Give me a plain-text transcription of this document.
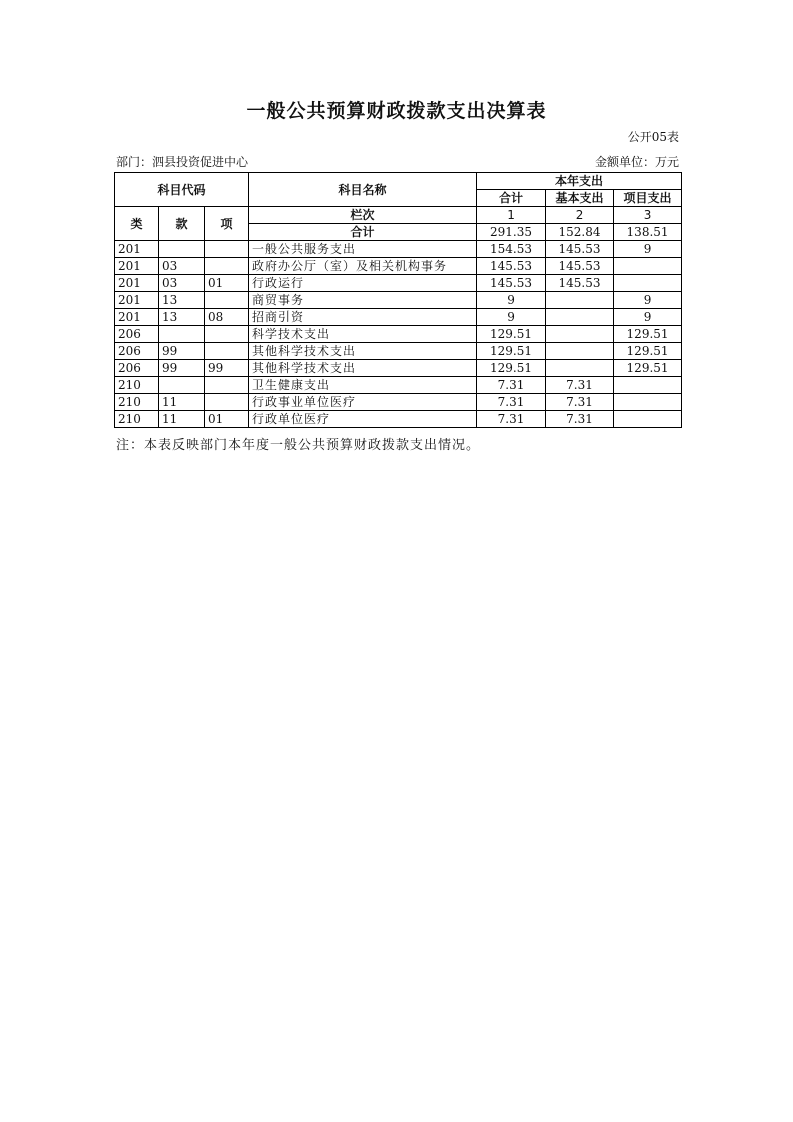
一般公共预算财政拨款支出决算表
公开05表
部门：泗县投资促进中心	金额单位：万元
科目代码			科目名称	本年支出		
				合计	基本支出	项目支出
类	款	项	栏次	1	2	3
			合计	291.35	152.84	138.51
201			一般公共服务支出	154.53	145.53	9
201	03		政府办公厅（室）及相关机构事务	145.53	145.53	
201	03	01	行政运行	145.53	145.53	
201	13		商贸事务	9		9
201	13	08	招商引资	9		9
206			科学技术支出	129.51		129.51
206	99		其他科学技术支出	129.51		129.51
206	99	99	其他科学技术支出	129.51		129.51
210			卫生健康支出	7.31	7.31	
210	11		行政事业单位医疗	7.31	7.31	
210	11	01	行政单位医疗	7.31	7.31	
注：本表反映部门本年度一般公共预算财政拨款支出情况。
